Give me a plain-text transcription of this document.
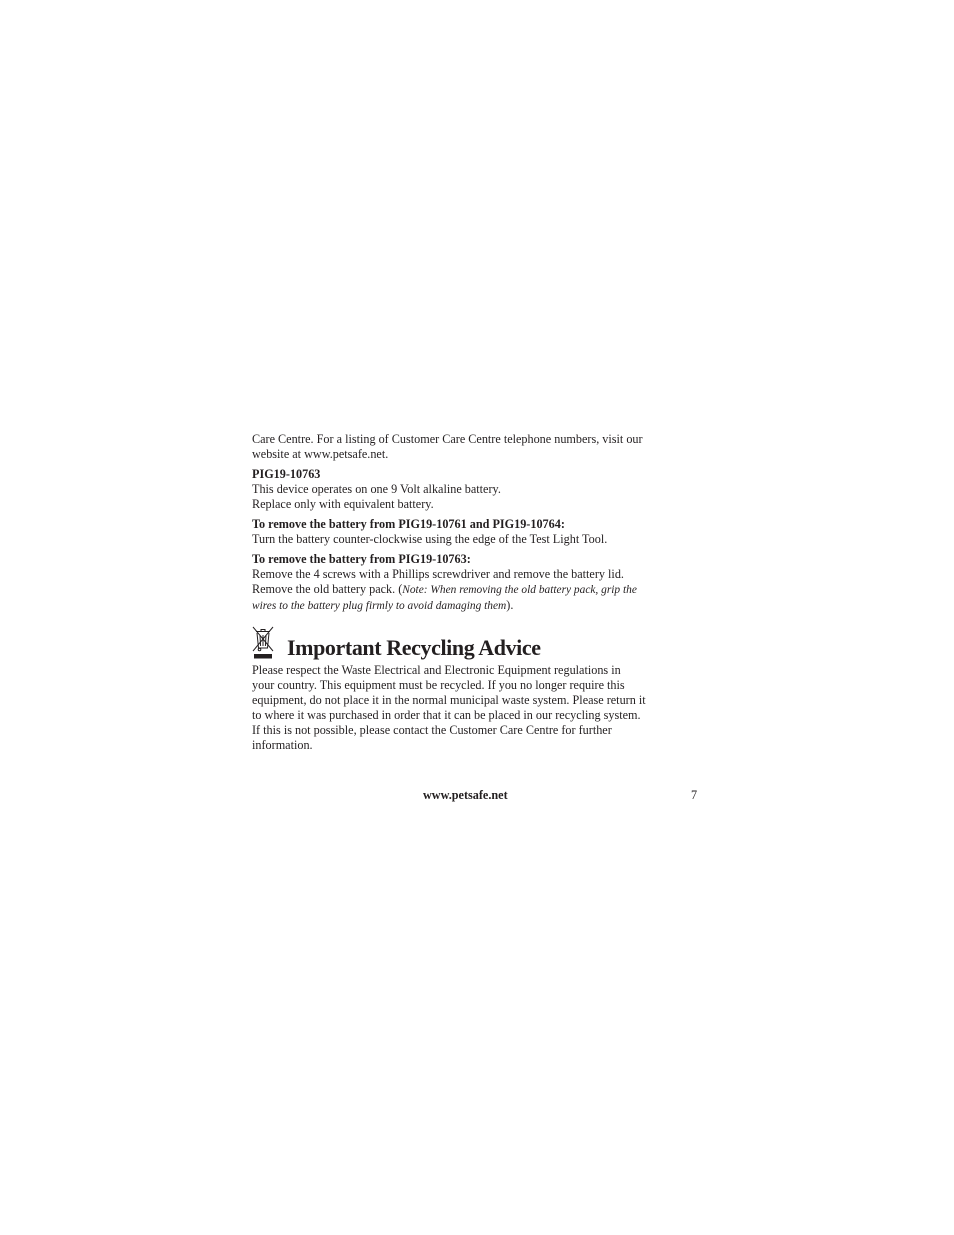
Care Centre. For a listing of Customer Care Centre telephone numbers, visit our

website at www.petsafe.net.

PIG19-10763

This device operates on one 9 Volt alkaline battery.

Replace only with equivalent battery.

To remove the battery from PIG19-10761 and PIG19-10764:

Turn the battery counter-clockwise using the edge of the Test Light Tool.

To remove the battery from PIG19-10763:

Remove the 4 screws with a Phillips screwdriver and remove the battery lid.

Remove the old battery pack. (Note: When removing the old battery pack, grip the

wires to the battery plug firmly to avoid damaging them).

Important Recycling Advice

Please respect the Waste Electrical and Electronic Equipment regulations in

your country. This equipment must be recycled. If you no longer require this

equipment, do not place it in the normal municipal waste system. Please return it

to where it was purchased in order that it can be placed in our recycling system.

If this is not possible, please contact the Customer Care Centre for further

information.

www.petsafe.net	7
